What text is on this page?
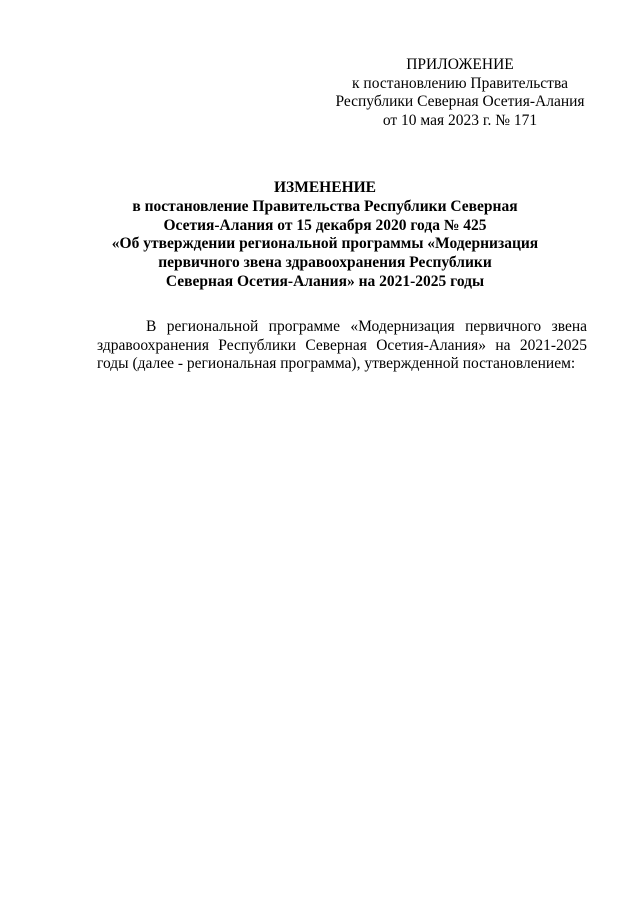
ПРИЛОЖЕНИЕ
к постановлению Правительства
Республики Северная Осетия-Алания
от 10 мая 2023 г. № 171
ИЗМЕНЕНИЕ
в постановление Правительства Республики Северная
Осетия-Алания от 15 декабря 2020 года № 425
«Об утверждении региональной программы «Модернизация
первичного звена здравоохранения Республики
Северная Осетия-Алания» на 2021-2025 годы

В региональной программе «Модернизация первичного звена здравоохранения Республики Северная Осетия-Алания» на 2021-2025 годы (далее - региональная программа), утвержденной постановлением:
